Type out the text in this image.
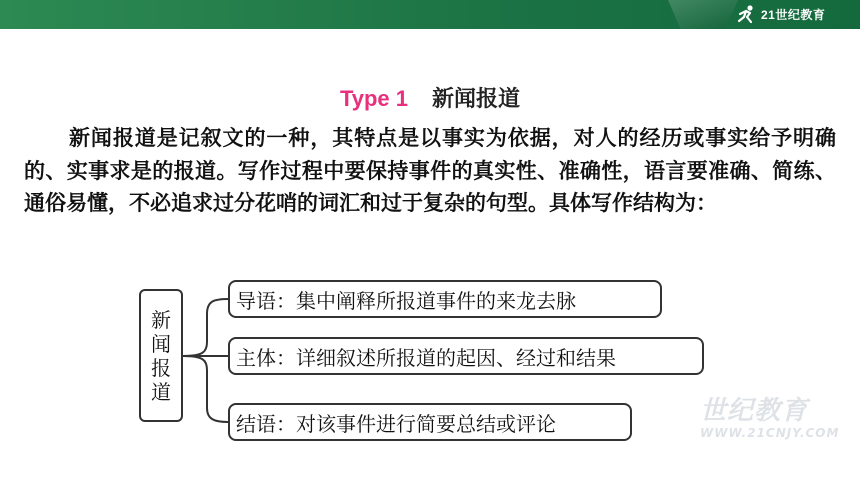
21世纪教育
Type 1 新闻报道
新闻报道是记叙文的一种，其特点是以事实为依据，对人的经历或事实给予明确的、实事求是的报道。写作过程中要保持事件的真实性、准确性，语言要准确、简练、通俗易懂，不必追求过分花哨的词汇和过于复杂的句型。具体写作结构为：
新
闻
报
道
导语：集中阐释所报道事件的来龙去脉
主体：详细叙述所报道的起因、经过和结果
结语：对该事件进行简要总结或评论	世纪教育
WWW.21CNJY.COM
